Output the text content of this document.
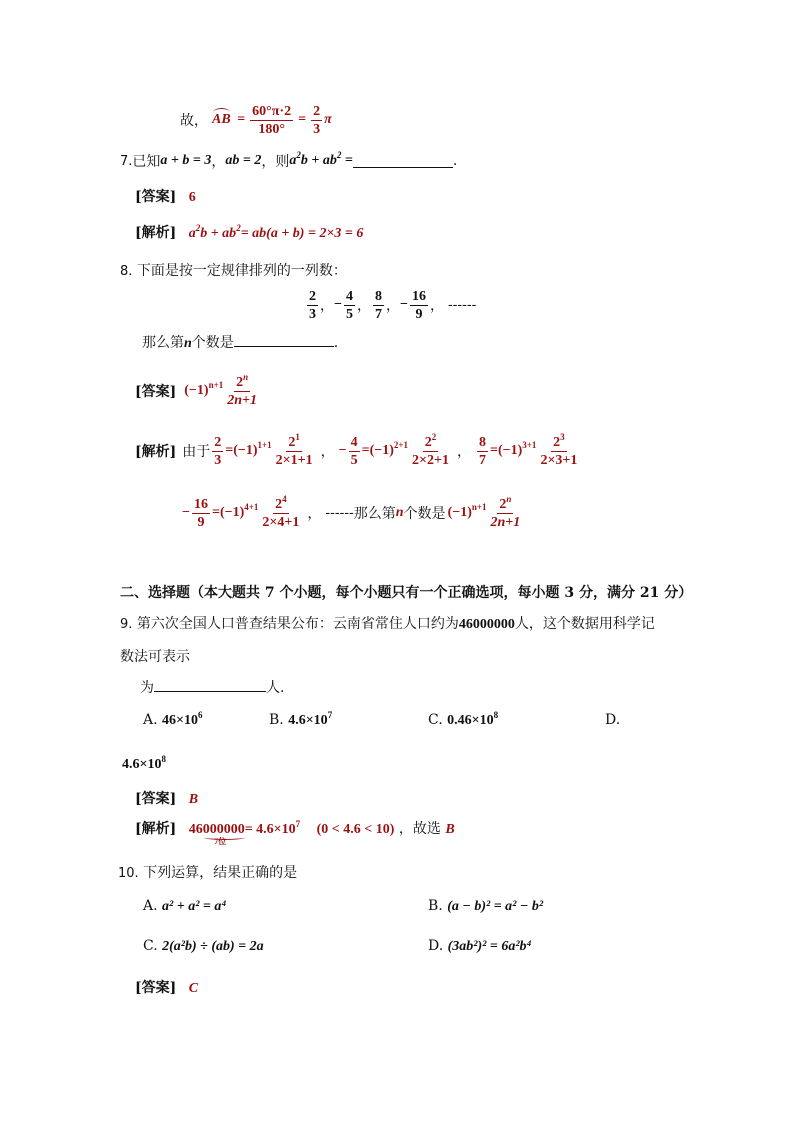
故， AB = $\frac{60^\circ\pi\cdot 2}{180^\circ} = \frac{2}{3}$ π
7. 已知 a + b = 3 ， ab = 2 ，则 $a^2b + ab^2$ =	.
[答案] 6
[解析] $a^2b + ab^2= ab(a + b) = 2\times 3 = 6$
8. 下面是按一定规律排列的一列数：
$\frac{2}{3}$ ， − $\frac{4}{5}$ ， $\frac{8}{7}$ ， − $\frac{16}{9}$ ， ------
那么第n个数是	.
[答案] $(-1)^{n+1} \frac{2^n}{2n+1}$
[解析] 由于 $\frac{2}{3} =(-1)^{1+1} \frac{2^1}{2\times 1+1}$ ， − $\frac{4}{5} =(-1)^{2+1} \frac{2^2}{2\times 2+1}$ ， $\frac{8}{7} =(-1)^{3+1} \frac{2^3}{2\times 3+1}$
− $\frac{16}{9} =(-1)^{4+1} \frac{2^4}{2\times 4+1}$ ， ------ 那么第 n 个数是 $(-1)^{n+1} \frac{2^n}{2n+1}$
二、选择题（本大题共 7 个小题，每个小题只有一个正确选项，每小题 3 分，满分 21 分）
9. 第六次全国人口普查结果公布：云南省常住人口约为46000000人，这个数据用科学记
数法可表示
为	人.
A. $46\times 10^6$	B. $4.6\times 10^7$	C. $0.46\times 10^8$	D.
$4.6\times 10^8$
[答案] B
[解析] 46000000
7位
= $4.6\times 10^7$ (0 < 4.6 < 10) ，故选 B
10. 下列运算，结果正确的是
A. a² + a² = a⁴	B. (a − b)² = a² − b²
C. 2(a²b) ÷ (ab) = 2a	D. (3ab²)² = 6a²b⁴
[答案] C
